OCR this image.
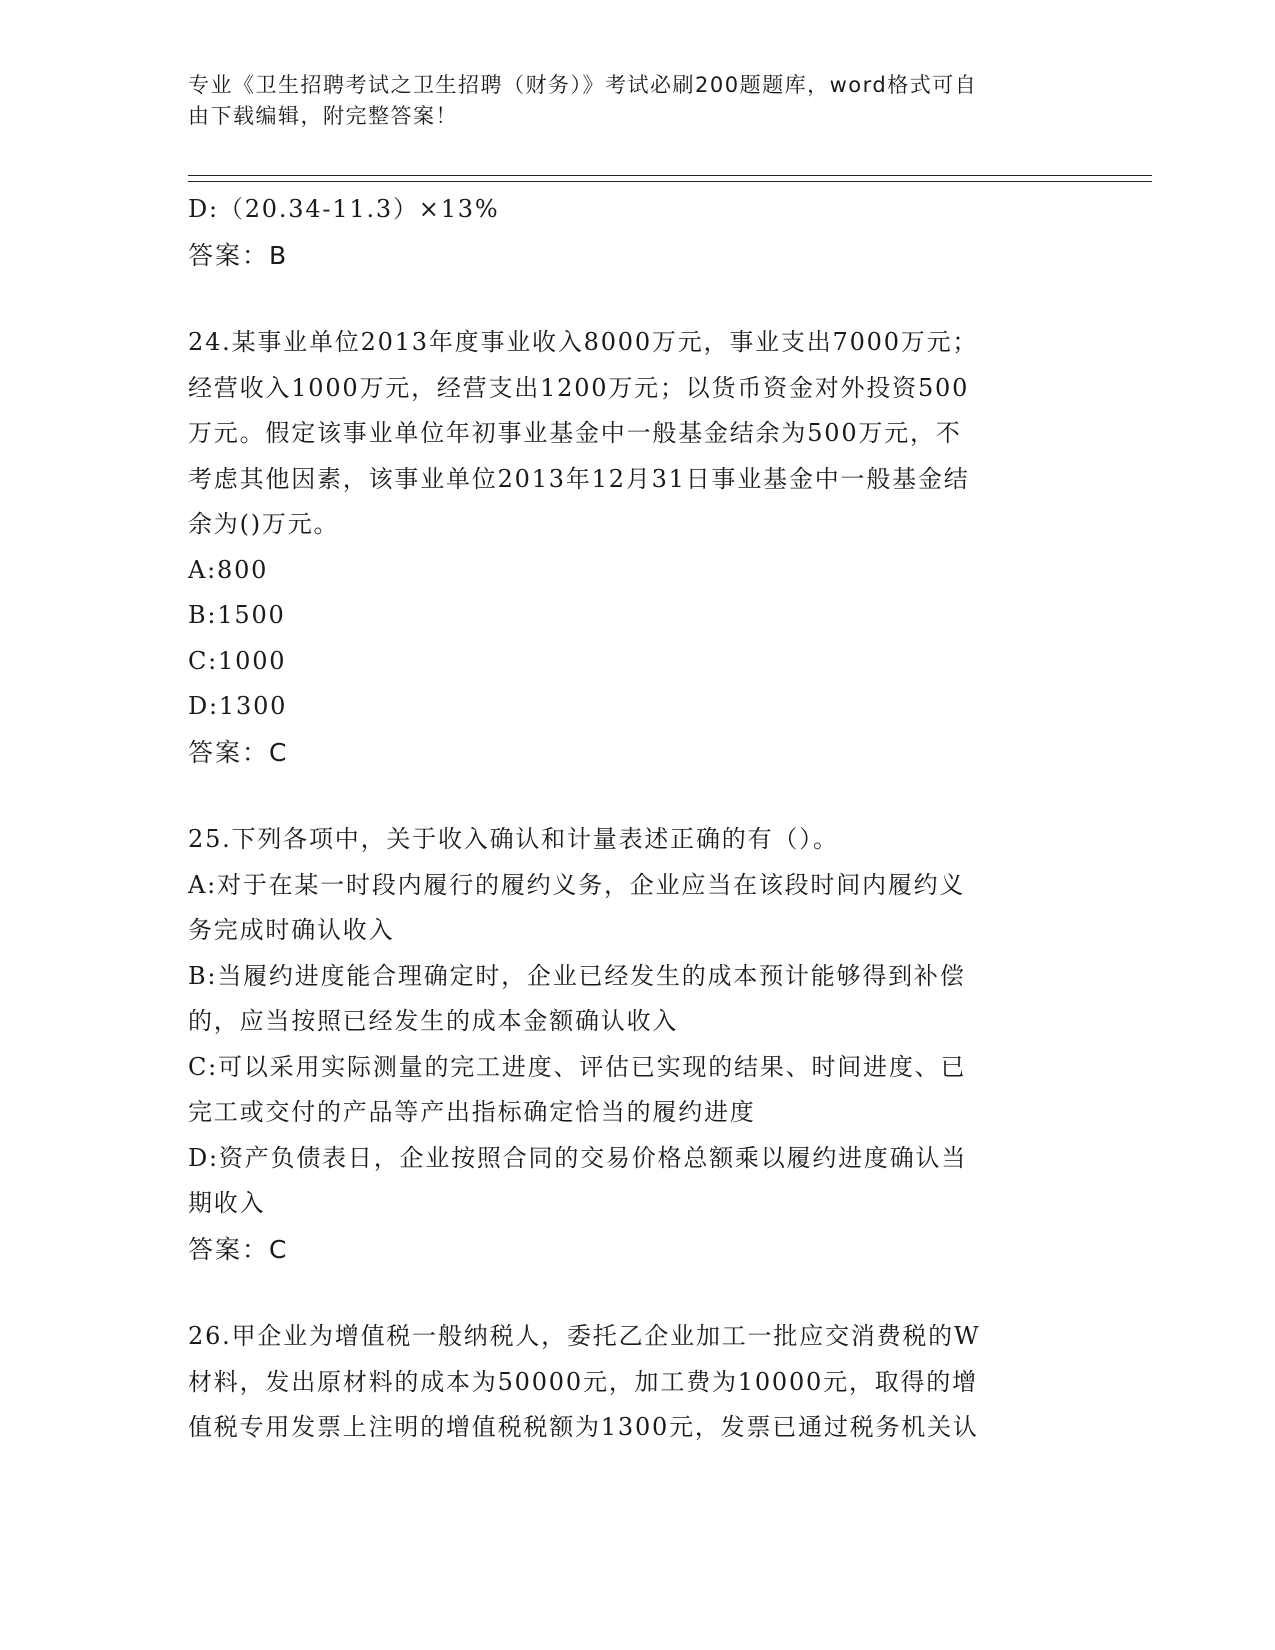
专业《卫生招聘考试之卫生招聘（财务）》考试必刷200题题库，word格式可自
由下载编辑，附完整答案！
D:（20.34-11.3）×13%
答案：B
24.某事业单位2013年度事业收入8000万元，事业支出7000万元；
经营收入1000万元，经营支出1200万元；以货币资金对外投资500
万元。假定该事业单位年初事业基金中一般基金结余为500万元，不
考虑其他因素，该事业单位2013年12月31日事业基金中一般基金结
余为()万元。
A:800
B:1500
C:1000
D:1300
答案：C
25.下列各项中，关于收入确认和计量表述正确的有（）。
A:对于在某一时段内履行的履约义务，企业应当在该段时间内履约义
务完成时确认收入
B:当履约进度能合理确定时，企业已经发生的成本预计能够得到补偿
的，应当按照已经发生的成本金额确认收入
C:可以采用实际测量的完工进度、评估已实现的结果、时间进度、已
完工或交付的产品等产出指标确定恰当的履约进度
D:资产负债表日，企业按照合同的交易价格总额乘以履约进度确认当
期收入
答案：C
26.甲企业为增值税一般纳税人，委托乙企业加工一批应交消费税的W
材料，发出原材料的成本为50000元，加工费为10000元，取得的增
值税专用发票上注明的增值税税额为1300元，发票已通过税务机关认
